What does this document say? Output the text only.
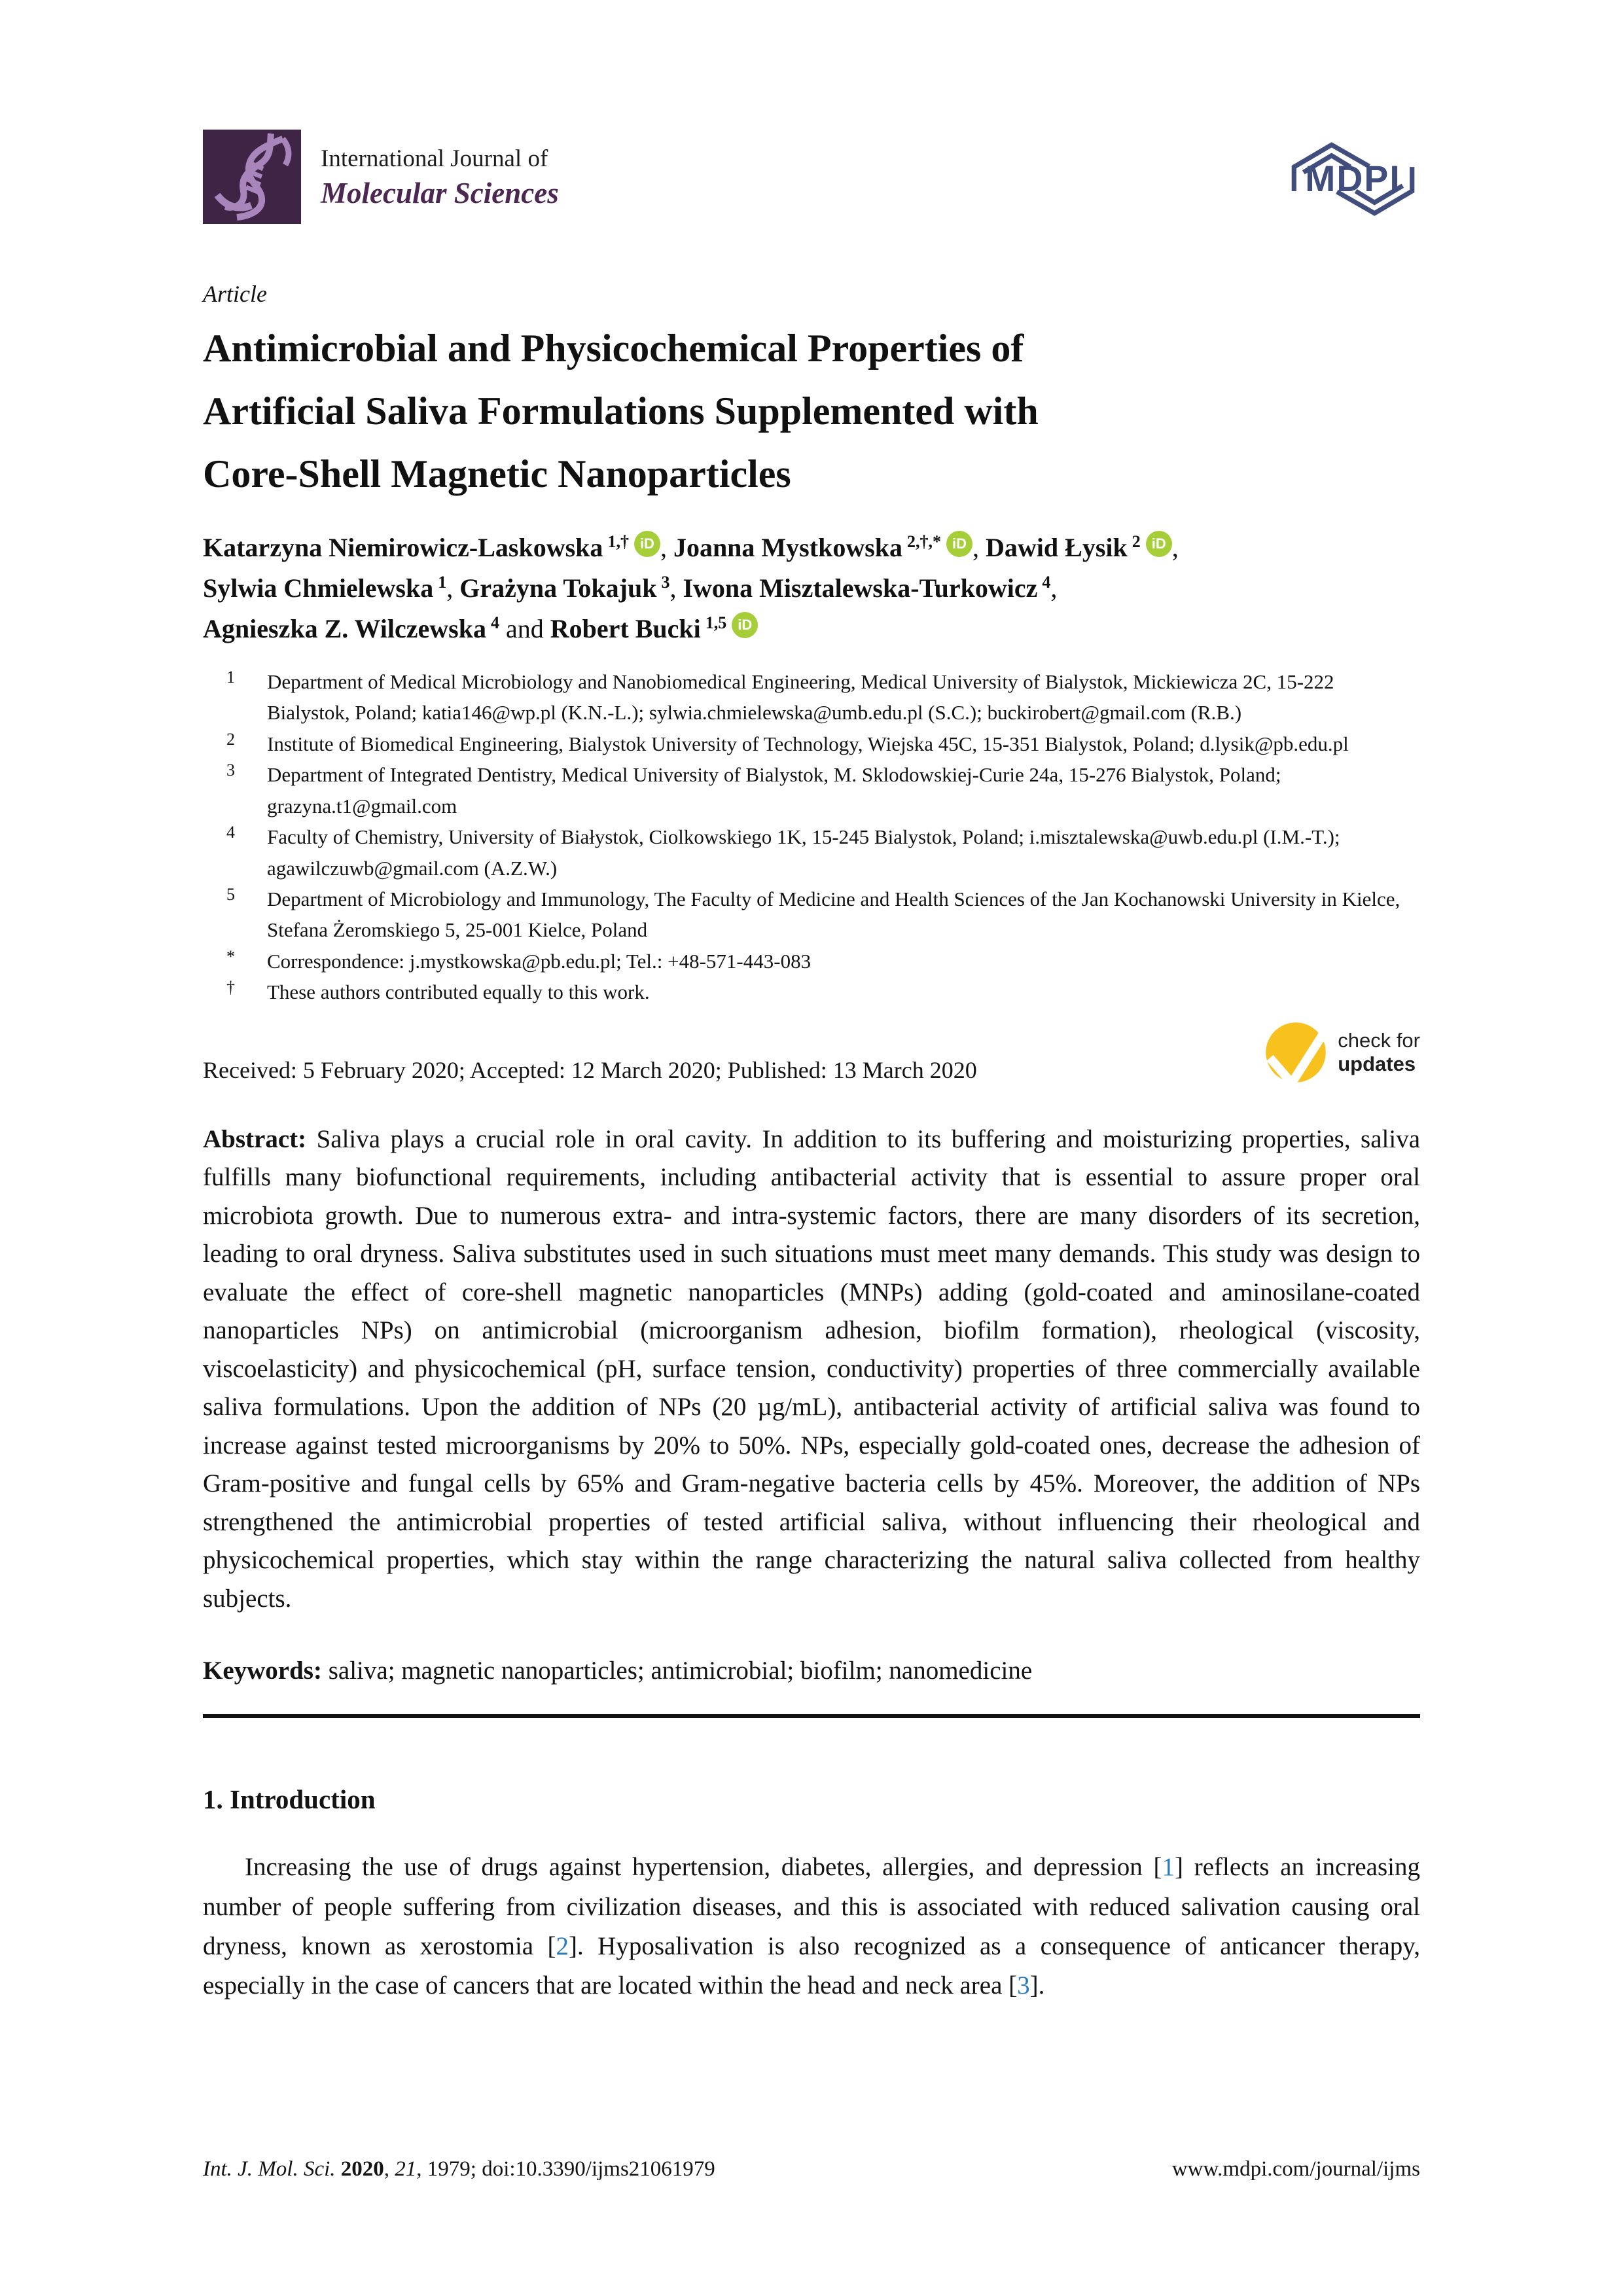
International Journal of
Molecular Sciences	MDPI
Article
Antimicrobial and Physicochemical Properties of
Artificial Saliva Formulations Supplemented with
Core-Shell Magnetic Nanoparticles
Katarzyna Niemirowicz-Laskowska $^{1,\dagger}$ iD , Joanna Mystkowska $^{2,\dagger,*}$ iD , Dawid Łysik $^2$ iD ,
Sylwia Chmielewska $^1$, Grażyna Tokajuk $^3$, Iwona Misztalewska-Turkowicz $^4$,
Agnieszka Z. Wilczewska $^4$ and Robert Bucki $^{1,5}$ iD
1	Department of Medical Microbiology and Nanobiomedical Engineering, Medical University of Bialystok, Mickiewicza 2C, 15-222 Bialystok, Poland; katia146@wp.pl (K.N.-L.); sylwia.chmielewska@umb.edu.pl (S.C.); buckirobert@gmail.com (R.B.)
2	Institute of Biomedical Engineering, Bialystok University of Technology, Wiejska 45C, 15-351 Bialystok, Poland; d.lysik@pb.edu.pl
3	Department of Integrated Dentistry, Medical University of Bialystok, M. Sklodowskiej-Curie 24a, 15-276 Bialystok, Poland; grazyna.t1@gmail.com
4	Faculty of Chemistry, University of Białystok, Ciolkowskiego 1K, 15-245 Bialystok, Poland; i.misztalewska@uwb.edu.pl (I.M.-T.); agawilczuwb@gmail.com (A.Z.W.)
5	Department of Microbiology and Immunology, The Faculty of Medicine and Health Sciences of the Jan Kochanowski University in Kielce, Stefana Żeromskiego 5, 25-001 Kielce, Poland
*	Correspondence: j.mystkowska@pb.edu.pl; Tel.: +48-571-443-083
†	These authors contributed equally to this work.
Received: 5 February 2020; Accepted: 12 March 2020; Published: 13 March 2020
check for
updates

Abstract: Saliva plays a crucial role in oral cavity. In addition to its buffering and moisturizing properties, saliva fulfills many biofunctional requirements, including antibacterial activity that is essential to assure proper oral microbiota growth. Due to numerous extra- and intra-systemic factors, there are many disorders of its secretion, leading to oral dryness. Saliva substitutes used in such situations must meet many demands. This study was design to evaluate the effect of core-shell magnetic nanoparticles (MNPs) adding (gold-coated and aminosilane-coated nanoparticles NPs) on antimicrobial (microorganism adhesion, biofilm formation), rheological (viscosity, viscoelasticity) and physicochemical (pH, surface tension, conductivity) properties of three commercially available saliva formulations. Upon the addition of NPs (20 µg/mL), antibacterial activity of artificial saliva was found to increase against tested microorganisms by 20% to 50%. NPs, especially gold-coated ones, decrease the adhesion of Gram-positive and fungal cells by 65% and Gram-negative bacteria cells by 45%. Moreover, the addition of NPs strengthened the antimicrobial properties of tested artificial saliva, without influencing their rheological and physicochemical properties, which stay within the range characterizing the natural saliva collected from healthy subjects.

Keywords: saliva; magnetic nanoparticles; antimicrobial; biofilm; nanomedicine

1. Introduction

Increasing the use of drugs against hypertension, diabetes, allergies, and depression [1] reflects an increasing number of people suffering from civilization diseases, and this is associated with reduced salivation causing oral dryness, known as xerostomia [2]. Hyposalivation is also recognized as a consequence of anticancer therapy, especially in the case of cancers that are located within the head and neck area [3].

Int. J. Mol. Sci. 2020, 21, 1979; doi:10.3390/ijms21061979	www.mdpi.com/journal/ijms
